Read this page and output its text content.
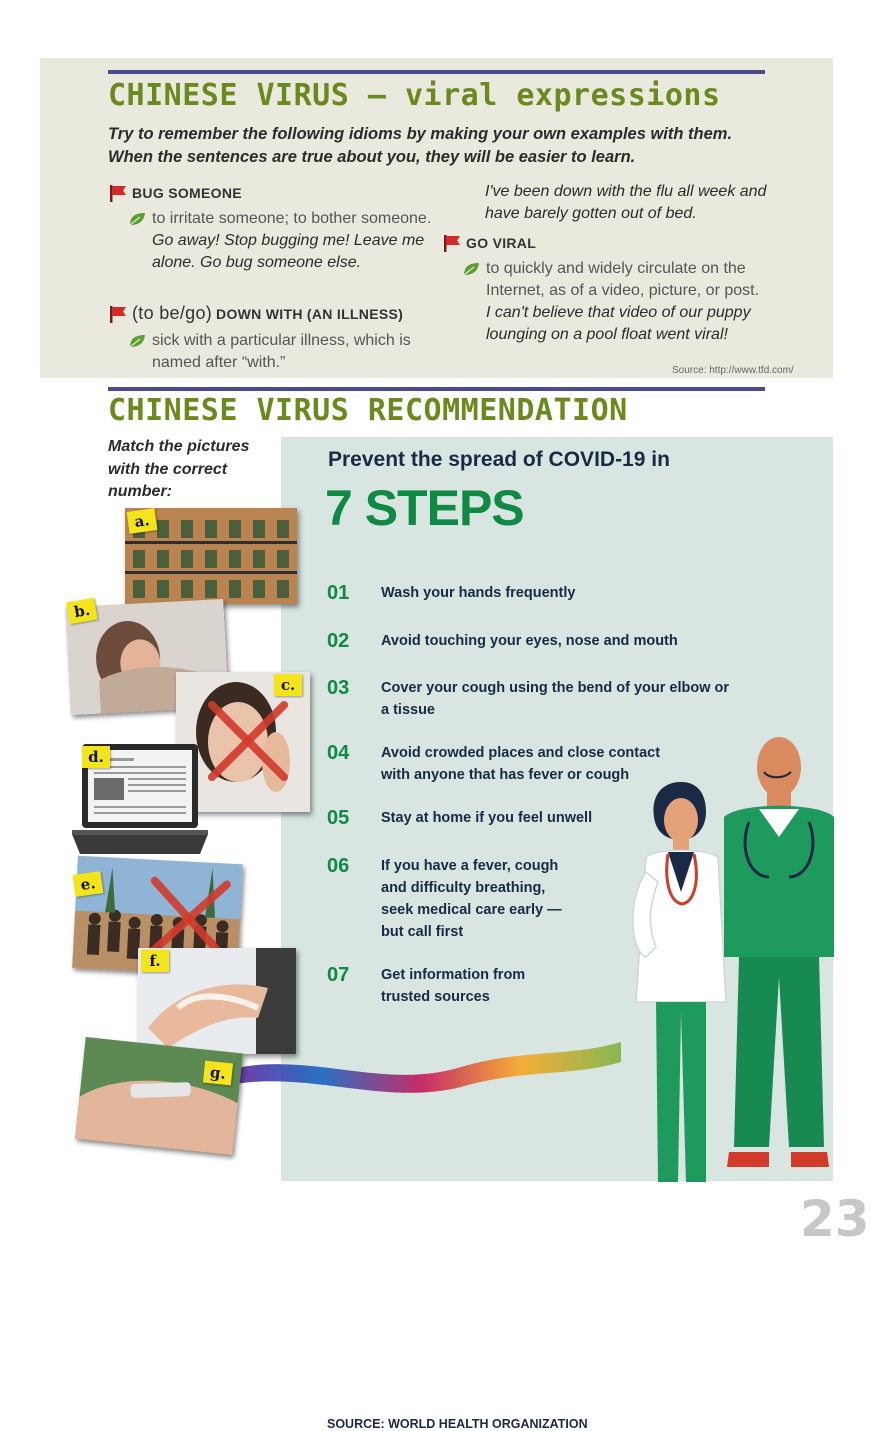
CHINESE VIRUS – viral expressions

Try to remember the following idioms by making your own examples with them. When the sentences are true about you, they will be easier to learn.

BUG SOMEONE
to irritate someone; to bother someone.
Go away! Stop bugging me! Leave me alone. Go bug someone else.
(to be/go) DOWN WITH (AN ILLNESS)
sick with a particular illness, which is named after “with.”
I've been down with the flu all week and have barely gotten out of bed.
GO VIRAL
to quickly and widely circulate on the Internet, as of a video, picture, or post.
I can't believe that video of our puppy lounging on a pool float went viral!
Source: http://www.tfd.com/
CHINESE VIRUS RECOMMENDATION
Match the pictures with the correct number:
Prevent the spread of COVID-19 in
7 STEPS
01	Wash your hands frequently
02	Avoid touching your eyes, nose and mouth
03	Cover your cough using the bend of your elbow or a tissue
04	Avoid crowded places and close contact with anyone that has fever or cough
05	Stay at home if you feel unwell
06	If you have a fever, cough and difficulty breathing, seek medical care early — but call first
07	Get information from trusted sources
SOURCE: WORLD HEALTH ORGANIZATION
a.
b.
c.
d.
e.
f.
g.
23
